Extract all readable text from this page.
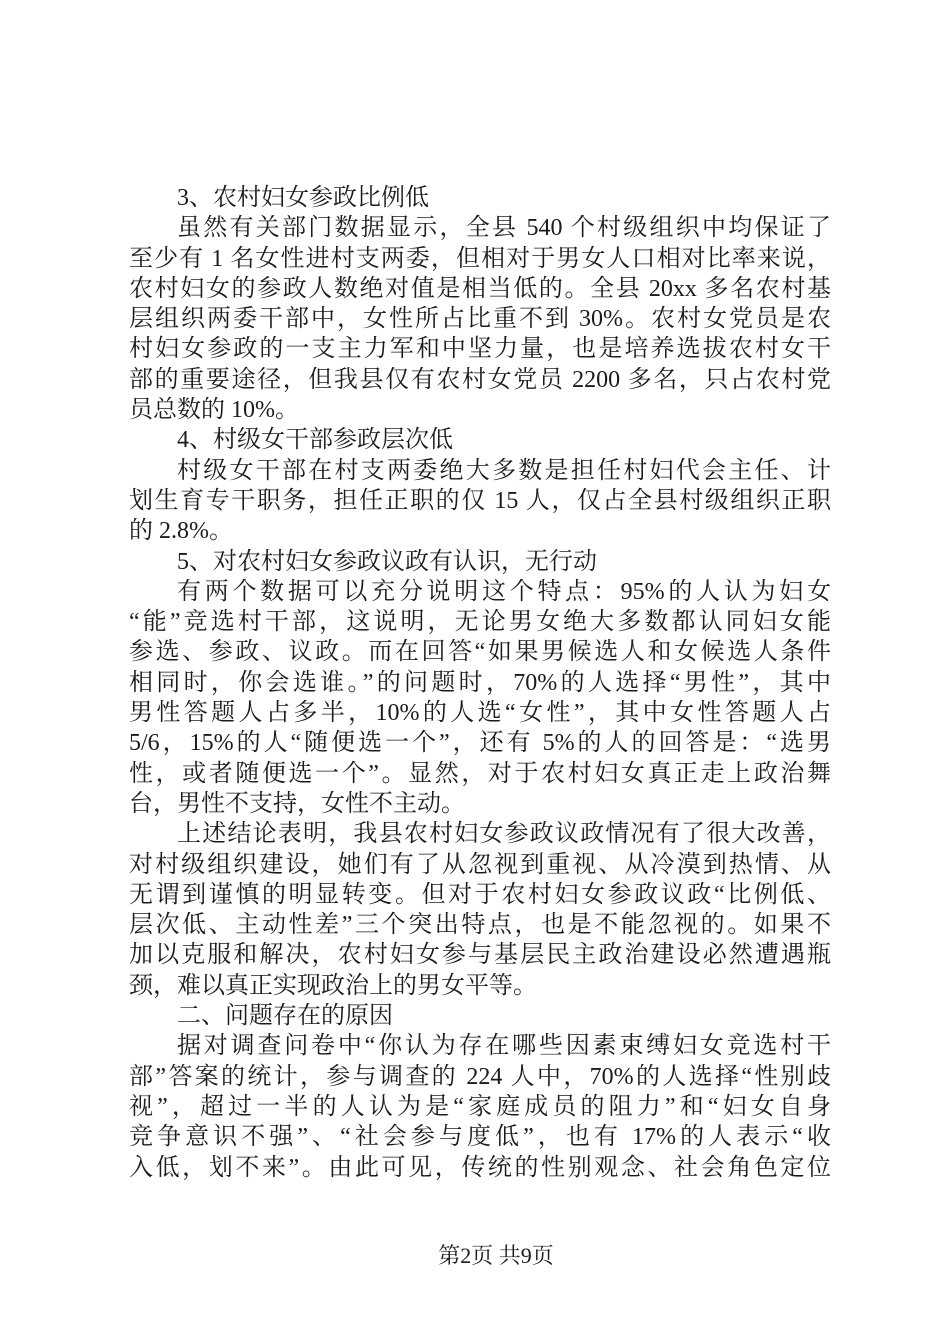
3、农村妇女参政比例低
虽然有关部门数据显示，全县 540 个村级组织中均保证了
至少有 1 名女性进村支两委，但相对于男女人口相对比率来说，
农村妇女的参政人数绝对值是相当低的。全县 20xx 多名农村基
层组织两委干部中，女性所占比重不到 30%。农村女党员是农
村妇女参政的一支主力军和中坚力量，也是培养选拔农村女干
部的重要途径，但我县仅有农村女党员 2200 多名，只占农村党
员总数的 10%。
4、村级女干部参政层次低
村级女干部在村支两委绝大多数是担任村妇代会主任、计
划生育专干职务，担任正职的仅 15 人，仅占全县村级组织正职
的 2.8%。
5、对农村妇女参政议政有认识，无行动
有两个数据可以充分说明这个特点：95%的人认为妇女
“能”竞选村干部，这说明，无论男女绝大多数都认同妇女能
参选、参政、议政。而在回答“如果男候选人和女候选人条件
相同时，你会选谁。”的问题时，70%的人选择“男性”，其中
男性答题人占多半，10%的人选“女性”，其中女性答题人占
5/6，15%的人“随便选一个”，还有 5%的人的回答是：“选男
性，或者随便选一个”。显然，对于农村妇女真正走上政治舞
台，男性不支持，女性不主动。
上述结论表明，我县农村妇女参政议政情况有了很大改善，
对村级组织建设，她们有了从忽视到重视、从冷漠到热情、从
无谓到谨慎的明显转变。但对于农村妇女参政议政“比例低、
层次低、主动性差”三个突出特点，也是不能忽视的。如果不
加以克服和解决，农村妇女参与基层民主政治建设必然遭遇瓶
颈，难以真正实现政治上的男女平等。
二、问题存在的原因
据对调查问卷中“你认为存在哪些因素束缚妇女竞选村干
部”答案的统计，参与调查的 224 人中，70%的人选择“性别歧
视”，超过一半的人认为是“家庭成员的阻力”和“妇女自身
竞争意识不强”、“社会参与度低”，也有 17%的人表示“收
入低，划不来”。由此可见，传统的性别观念、社会角色定位
第2页 共9页
